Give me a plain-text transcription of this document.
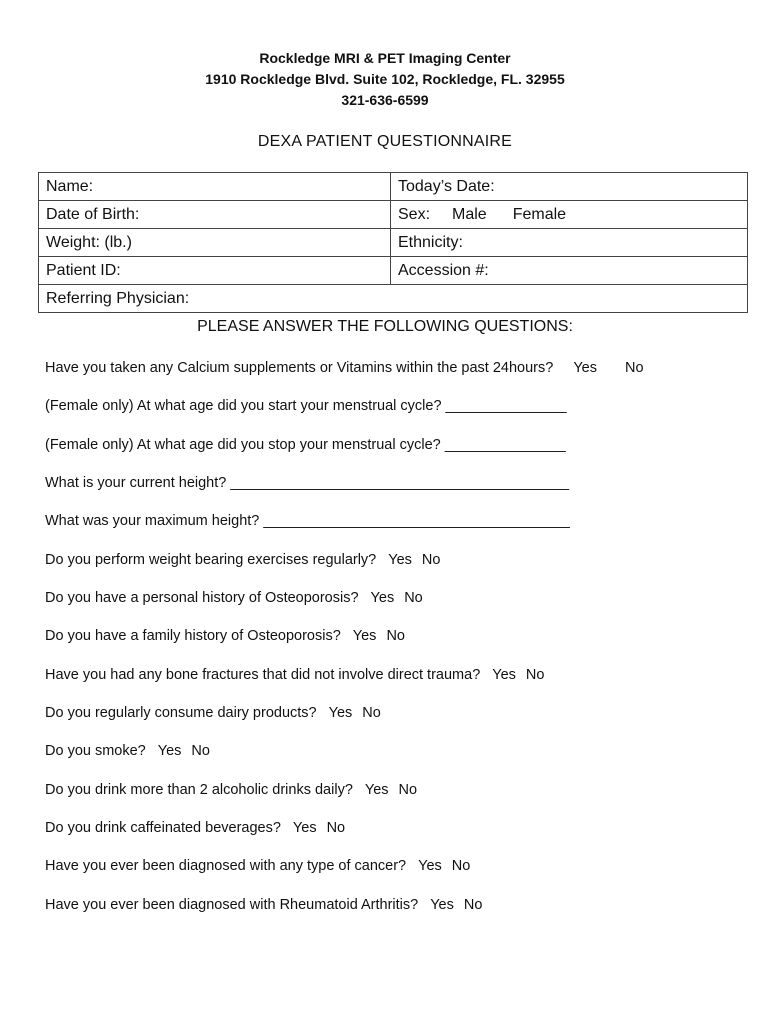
Rockledge MRI & PET Imaging Center
1910 Rockledge Blvd. Suite 102, Rockledge, FL. 32955
321-636-6599
DEXA PATIENT QUESTIONNAIRE
Name:	Today’s Date:
Date of Birth:	Sex: Male Female
Weight: (lb.)	Ethnicity:
Patient ID:	Accession #:
Referring Physician:	
PLEASE ANSWER THE FOLLOWING QUESTIONS:
Have you taken any Calcium supplements or Vitamins within the past 24hours? Yes No
(Female only) At what age did you start your menstrual cycle? _______________
(Female only) At what age did you stop your menstrual cycle? _______________
What is your current height? __________________________________________
What was your maximum height? ______________________________________
Do you perform weight bearing exercises regularly? Yes No
Do you have a personal history of Osteoporosis? Yes No
Do you have a family history of Osteoporosis? Yes No
Have you had any bone fractures that did not involve direct trauma? Yes No
Do you regularly consume dairy products? Yes No
Do you smoke? Yes No
Do you drink more than 2 alcoholic drinks daily? Yes No
Do you drink caffeinated beverages? Yes No
Have you ever been diagnosed with any type of cancer? Yes No
Have you ever been diagnosed with Rheumatoid Arthritis? Yes No
